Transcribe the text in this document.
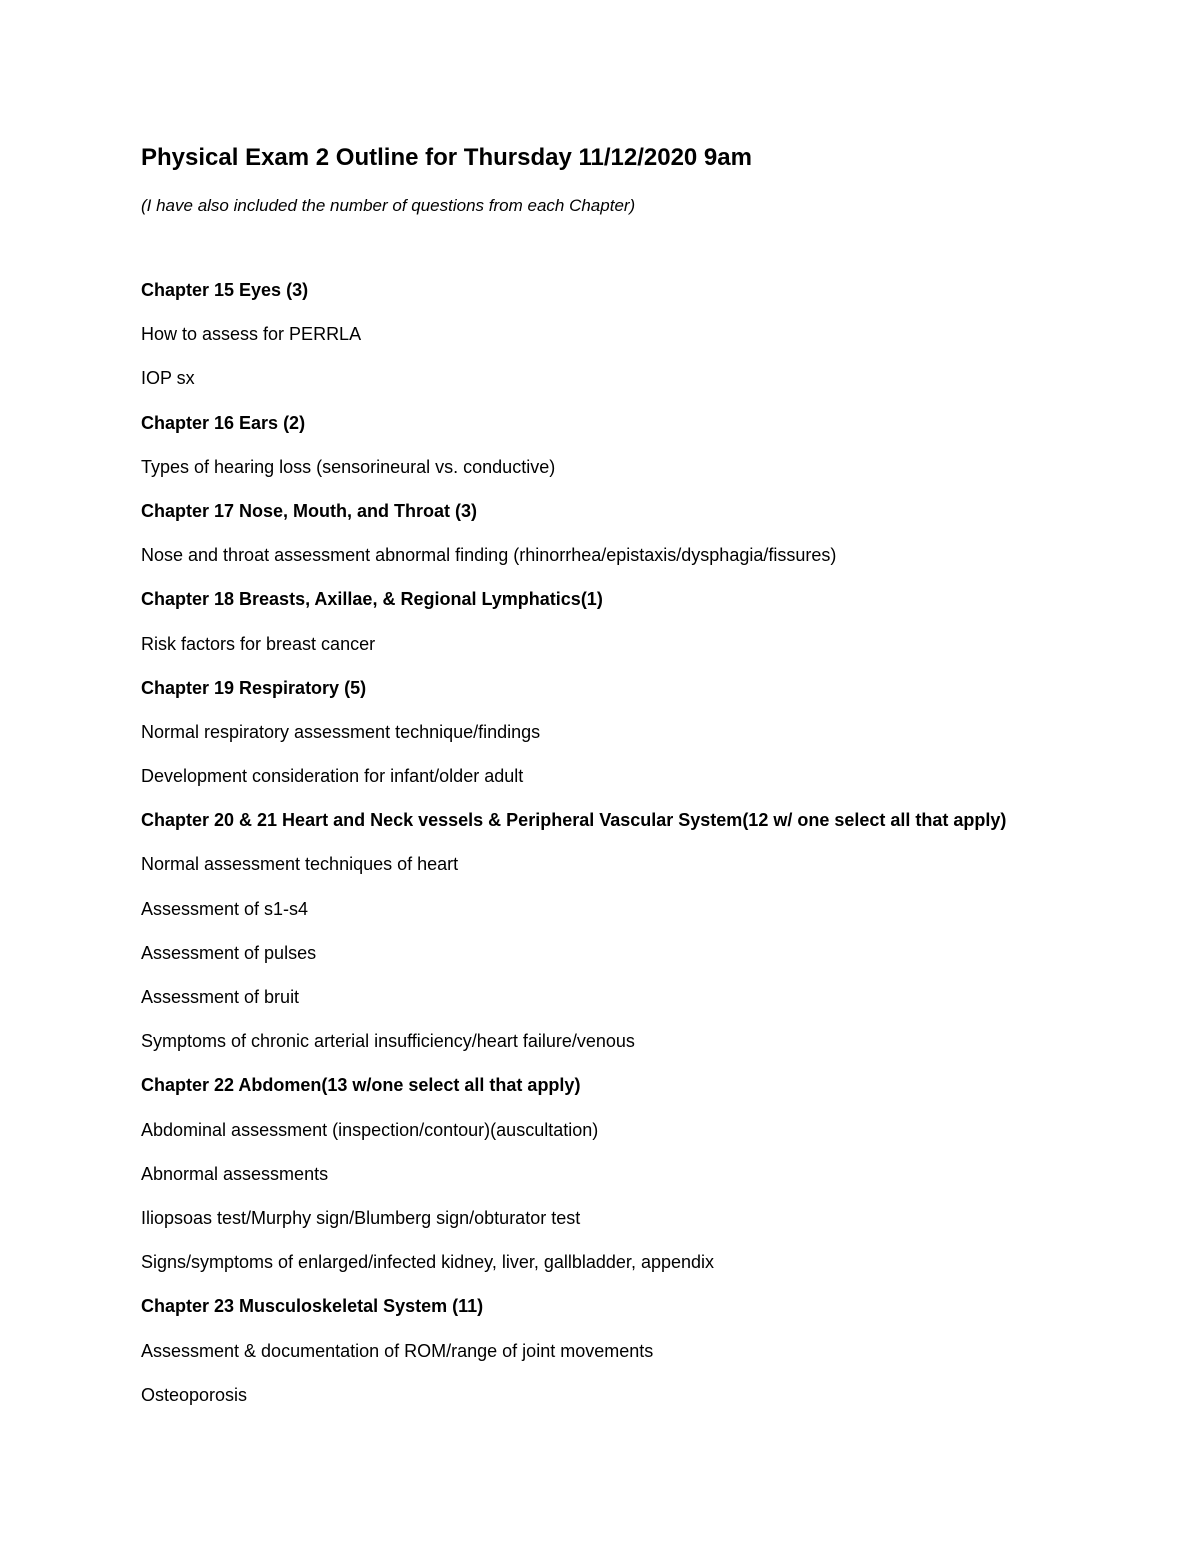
Physical Exam 2 Outline for Thursday 11/12/2020 9am

(I have also included the number of questions from each Chapter)

Chapter 15 Eyes (3)
How to assess for PERRLA
IOP sx
Chapter 16 Ears (2)
Types of hearing loss (sensorineural vs. conductive)
Chapter 17 Nose, Mouth, and Throat (3)
Nose and throat assessment abnormal finding (rhinorrhea/epistaxis/dysphagia/fissures)
Chapter 18 Breasts, Axillae, & Regional Lymphatics(1)
Risk factors for breast cancer
Chapter 19 Respiratory (5)
Normal respiratory assessment technique/findings
Development consideration for infant/older adult
Chapter 20 & 21 Heart and Neck vessels & Peripheral Vascular System(12 w/ one select all that apply)
Normal assessment techniques of heart
Assessment of s1-s4
Assessment of pulses
Assessment of bruit
Symptoms of chronic arterial insufficiency/heart failure/venous
Chapter 22 Abdomen(13 w/one select all that apply)
Abdominal assessment (inspection/contour)(auscultation)
Abnormal assessments
Iliopsoas test/Murphy sign/Blumberg sign/obturator test
Signs/symptoms of enlarged/infected kidney, liver, gallbladder, appendix
Chapter 23 Musculoskeletal System (11)
Assessment & documentation of ROM/range of joint movements
Osteoporosis
